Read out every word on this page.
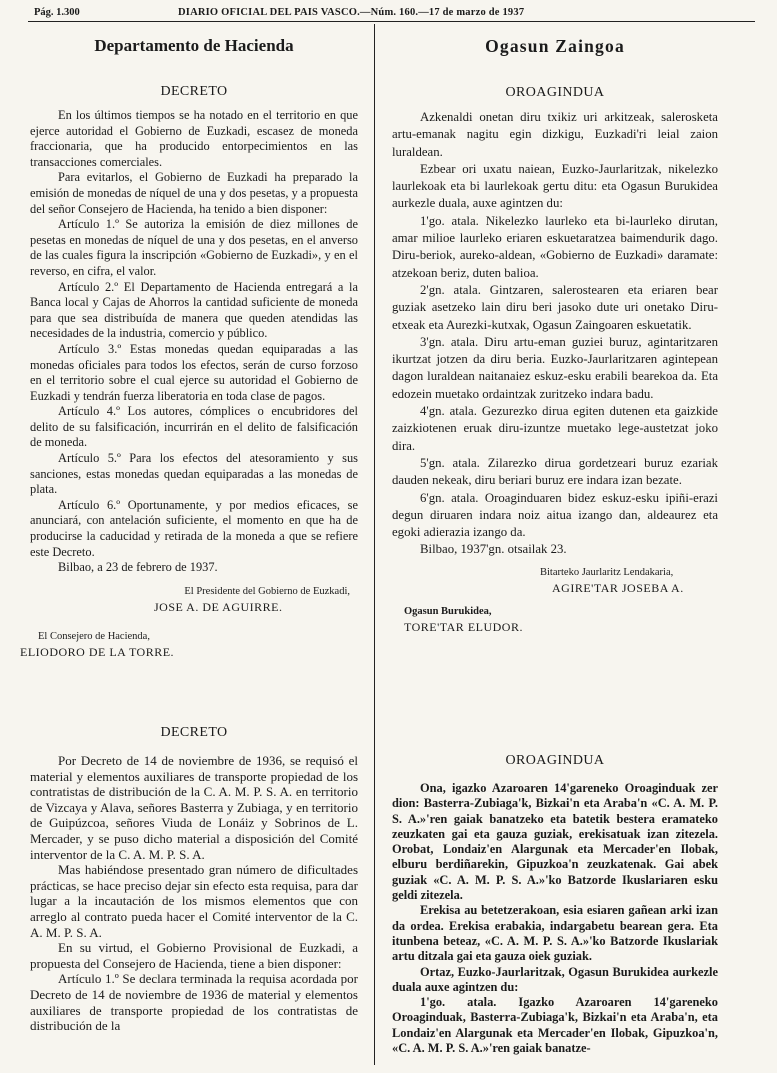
Pág. 1.300	DIARIO OFICIAL DEL PAIS VASCO.—Núm. 160.—17 de marzo de 1937
Departamento de Hacienda
DECRETO

En los últimos tiempos se ha notado en el territorio en que ejerce autoridad el Gobierno de Euzkadi, escasez de moneda fraccionaria, que ha producido entorpecimientos en las transacciones comerciales.

Para evitarlos, el Gobierno de Euzkadi ha preparado la emisión de monedas de níquel de una y dos pesetas, y a propuesta del señor Consejero de Hacienda, ha tenido a bien disponer:

Artículo 1.º Se autoriza la emisión de diez millones de pesetas en monedas de níquel de una y dos pesetas, en el anverso de las cuales figura la inscripción «Gobierno de Euzkadi», y en el reverso, en cifra, el valor.

Artículo 2.º El Departamento de Hacienda entregará a la Banca local y Cajas de Ahorros la cantidad suficiente de moneda para que sea distribuída de manera que queden atendidas las necesidades de la industria, comercio y público.

Artículo 3.º Estas monedas quedan equiparadas a las monedas oficiales para todos los efectos, serán de curso forzoso en el territorio sobre el cual ejerce su autoridad el Gobierno de Euzkadi y tendrán fuerza liberatoria en toda clase de pagos.

Artículo 4.º Los autores, cómplices o encubridores del delito de su falsificación, incurrirán en el delito de falsificación de moneda.

Artículo 5.º Para los efectos del atesoramiento y sus sanciones, estas monedas quedan equiparadas a las monedas de plata.

Artículo 6.º Oportunamente, y por medios eficaces, se anunciará, con antelación suficiente, el momento en que ha de producirse la caducidad y retirada de la moneda a que se refiere este Decreto.

Bilbao, a 23 de febrero de 1937.

El Presidente del Gobierno de Euzkadi,
JOSE A. DE AGUIRRE.
El Consejero de Hacienda,
ELIODORO DE LA TORRE.
DECRETO

Por Decreto de 14 de noviembre de 1936, se requisó el material y elementos auxiliares de transporte propiedad de los contratistas de distribución de la C. A. M. P. S. A. en territorio de Vizcaya y Alava, señores Basterra y Zubiaga, y en territorio de Guipúzcoa, señores Viuda de Lonáiz y Sobrinos de L. Mercader, y se puso dicho material a disposición del Comité interventor de la C. A. M. P. S. A.

Mas habiéndose presentado gran número de dificultades prácticas, se hace preciso dejar sin efecto esta requisa, para dar lugar a la incautación de los mismos elementos que con arreglo al contrato pueda hacer el Comité interventor de la C. A. M. P. S. A.

En su virtud, el Gobierno Provisional de Euzkadi, a propuesta del Consejero de Hacienda, tiene a bien disponer:

Artículo 1.º Se declara terminada la requisa acordada por Decreto de 14 de noviembre de 1936 de material y elementos auxiliares de transporte propiedad de los contratistas de distribución de la

Ogasun Zaingoa
OROAGINDUA

Azkenaldi onetan diru txikiz uri arkitzeak, salerosketa artu-emanak nagitu egin dizkigu, Euzkadi'ri leial zaion luraldean.

Ezbear ori uxatu naiean, Euzko-Jaurlaritzak, nikelezko laurlekoak eta bi laurlekoak gertu ditu: eta Ogasun Burukidea aurkezle duala, auxe agintzen du:

1'go. atala. Nikelezko laurleko eta bi-laurleko dirutan, amar milioe laurleko eriaren eskuetaratzea baimendurik dago. Diru-beriok, aureko-aldean, «Gobierno de Euzkadi» daramate: atzekoan beriz, duten balioa.

2'gn. atala. Gintzaren, salerostearen eta eriaren bear guziak asetzeko lain diru beri jasoko dute uri onetako Diru-etxeak eta Aurezki-kutxak, Ogasun Zaingoaren eskuetatik.

3'gn. atala. Diru artu-eman guziei buruz, agintaritzaren ikurtzat jotzen da diru beria. Euzko-Jaurlaritzaren agintepean dagon luraldean naitanaiez eskuz-esku erabili bearekoa da. Eta edozein muetako ordaintzak zuritzeko indara badu.

4'gn. atala. Gezurezko dirua egiten dutenen eta gaizkide zaizkiotenen eruak diru-izuntze muetako lege-austetzat joko dira.

5'gn. atala. Zilarezko dirua gordetzeari buruz ezariak dauden nekeak, diru beriari buruz ere indara izan bezate.

6'gn. atala. Oroaginduaren bidez eskuz-esku ipiñi-erazi degun diruaren indara noiz aitua izango dan, aldeaurez eta egoki adierazia izango da.

Bilbao, 1937'gn. otsailak 23.

Bitarteko Jaurlaritz Lendakaria,
AGIRE'TAR JOSEBA A.
Ogasun Burukidea,
TORE'TAR ELUDOR.
OROAGINDUA

Ona, igazko Azaroaren 14'gareneko Oroaginduak zer dion: Basterra-Zubiaga'k, Bizkai'n eta Araba'n «C. A. M. P. S. A.»'ren gaiak banatzeko eta batetik bestera eramateko zeuzkaten gai eta gauza guziak, erekisatuak izan zitezela. Orobat, Londaiz'en Alargunak eta Mercader'en Ilobak, elburu berdiñarekin, Gipuzkoa'n zeuzkatenak. Gai abek guziak «C. A. M. P. S. A.»'ko Batzorde Ikuslariaren esku geldi zitezela.

Erekisa au betetzerakoan, esia esiaren gañean arki izan da ordea. Erekisa erabakia, indargabetu bearean gera. Eta itunbena beteaz, «C. A. M. P. S. A.»'ko Batzorde Ikuslariak artu ditzala gai eta gauza oiek guziak.

Ortaz, Euzko-Jaurlaritzak, Ogasun Burukidea aurkezle duala auxe agintzen du:

1'go. atala. Igazko Azaroaren 14'gareneko Oroaginduak, Basterra-Zubiaga'k, Bizkai'n eta Araba'n, eta Londaiz'en Alargunak eta Mercader'en Ilobak, Gipuzkoa'n, «C. A. M. P. S. A.»'ren gaiak banatze-
